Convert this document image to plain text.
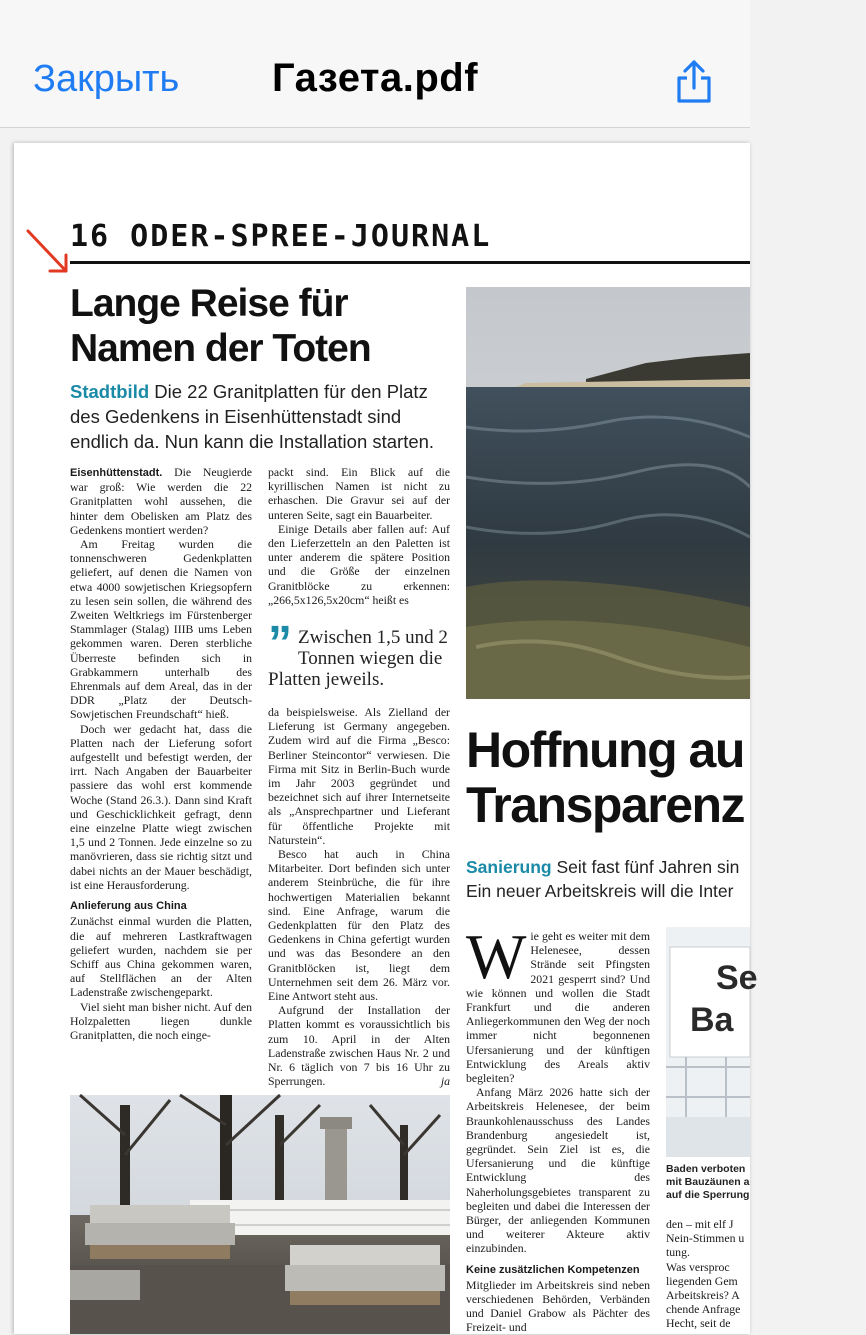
Закрыть	Газета.pdf
16 ODER-SPREE-JOURNAL
Lange Reise für
Namen der Toten
Stadtbild Die 22 Granitplatten für den Platz des Gedenkens in Eisenhüttenstadt sind endlich da. Nun kann die Installation starten.

Eisenhüttenstadt. Die Neugierde war groß: Wie werden die 22 Granitplatten wohl aussehen, die hinter dem Obelisken am Platz des Gedenkens montiert werden?

Am Freitag wurden die tonnenschweren Gedenkplatten geliefert, auf denen die Namen von etwa 4000 sowjetischen Kriegsopfern zu lesen sein sollen, die während des Zweiten Weltkriegs im Fürstenberger Stammlager (Stalag) IIIB ums Leben gekommen waren. Deren sterbliche Überreste befinden sich in Grabkammern unterhalb des Ehrenmals auf dem Areal, das in der DDR „Platz der Deutsch-Sowjetischen Freundschaft“ hieß.

Doch wer gedacht hat, dass die Platten nach der Lieferung sofort aufgestellt und befestigt werden, der irrt. Nach Angaben der Bauarbeiter passiere das wohl erst kommende Woche (Stand 26.3.). Dann sind Kraft und Geschicklichkeit gefragt, denn eine einzelne Platte wiegt zwischen 1,5 und 2 Tonnen. Jede einzelne so zu manövrieren, dass sie richtig sitzt und dabei nichts an der Mauer beschädigt, ist eine Herausforderung.

Anlieferung aus China

Zunächst einmal wurden die Platten, die auf mehreren Lastkraftwagen geliefert wurden, nachdem sie per Schiff aus China gekommen waren, auf Stellflächen an der Alten Ladenstraße zwischengeparkt.

Viel sieht man bisher nicht. Auf den Holzpaletten liegen dunkle Granitplatten, die noch einge-

packt sind. Ein Blick auf die kyrillischen Namen ist nicht zu erhaschen. Die Gravur sei auf der unteren Seite, sagt ein Bauarbeiter.

Einige Details aber fallen auf: Auf den Lieferzetteln an den Paletten ist unter anderem die spätere Position und die Größe der einzelnen Granitblöcke zu erkennen: „266,5x126,5x20cm“ heißt es

” Zwischen 1,5 und 2 Tonnen wiegen die Platten jeweils.

da beispielsweise. Als Zielland der Lieferung ist Germany angegeben. Zudem wird auf die Firma „Besco: Berliner Steincontor“ verwiesen. Die Firma mit Sitz in Berlin-Buch wurde im Jahr 2003 gegründet und bezeichnet sich auf ihrer Internetseite als „Ansprechpartner und Lieferant für öffentliche Projekte mit Naturstein“.

Besco hat auch in China Mitarbeiter. Dort befinden sich unter anderem Steinbrüche, die für ihre hochwertigen Materialien bekannt sind. Eine Anfrage, warum die Gedenkplatten für den Platz des Gedenkens in China gefertigt wurden und was das Besondere an den Granitblöcken ist, liegt dem Unternehmen seit dem 26. März vor. Eine Antwort steht aus.

Aufgrund der Installation der Platten kommt es voraussichtlich bis zum 10. April in der Alten Ladenstraße zwischen Haus Nr. 2 und Nr. 6 täglich von 7 bis 16 Uhr zu Sperrungen.	ja

Hoffnung au
Transparenz
Sanierung Seit fast fünf Jahren sin
Ein neuer Arbeitskreis will die Inter

Wie geht es weiter mit dem Helenesee, dessen Strände seit Pfingsten 2021 gesperrt sind? Und wie können und wollen die Stadt Frankfurt und die anderen Anliegerkommunen den Weg der noch immer nicht begonnenen Ufersanierung und der künftigen Entwicklung des Areals aktiv begleiten?

Anfang März 2026 hatte sich der Arbeitskreis Helenesee, der beim Braunkohlenausschuss des Landes Brandenburg angesiedelt ist, gegründet. Sein Ziel ist es, die Ufersanierung und die künftige Entwicklung des Naherholungsgebietes transparent zu begleiten und dabei die Interessen der Bürger, der anliegenden Kommunen und weiterer Akteure aktiv einzubinden.

Keine zusätzlichen Kompetenzen

Mitglieder im Arbeitskreis sind neben verschiedenen Behörden, Verbänden und Daniel Grabow als Pächter des Freizeit- und

Se
Ba
Baden verboten
mit Bauzäunen a
auf die Sperrung

den – mit elf J

Nein-Stimmen u

tung.

Was versproc

liegenden Gem

Arbeitskreis? A

chende Anfrage

Hecht, seit de
